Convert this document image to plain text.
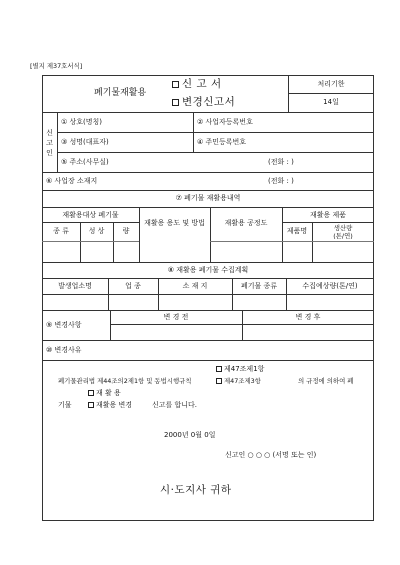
[별지 제37호서식]
폐기물재활용
신 고 서
변경신고서
처리기한
14일
신
고
인
① 상호(명칭)	② 사업자등록번호
③ 성명(대표자)	④ 주민등록번호
⑤ 주소(사무실)	(전화 : )
⑥ 사업장 소재지	(전화 : )
⑦ 폐기물 재활용내역
재활용대상 폐기물
종 류	성 상	량
재활용 용도 및 방법	재활용 공정도
재활용 제품
제품명	생산량
(톤/연)
⑧ 재활용 폐기물 수집계획
발생업소명	업 종	소 재 지	폐기물 종류	수집예상량(톤/연)
⑨ 변경사항
변 경 전	변 경 후
⑩ 변경사유
제47조제1항
폐기물관리법 제44조의2제1항 및 동법시행규칙	제47조제3항	의 규정에 의하여 폐
재 활 용
기물	재활용 변경	신고를 합니다.
2000년 0월 0일
신고인 ○ ○ ○ (서명 또는 인)
시·도지사 귀하
